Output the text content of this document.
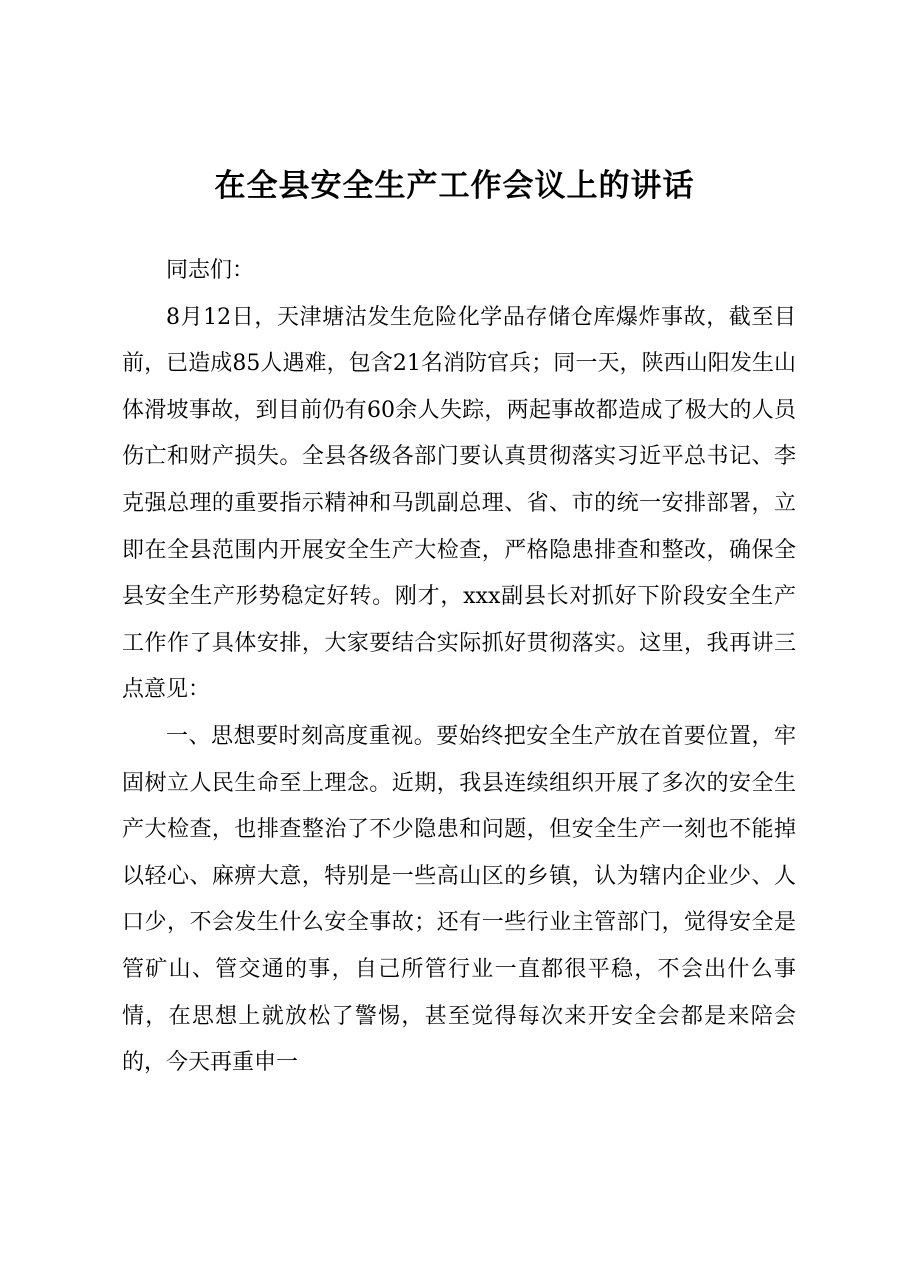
在全县安全生产工作会议上的讲话

同志们：

8月12日，天津塘沽发生危险化学品存储仓库爆炸事故，截至目前，已造成85人遇难，包含21名消防官兵；同一天，陕西山阳发生山体滑坡事故，到目前仍有60余人失踪，两起事故都造成了极大的人员伤亡和财产损失。全县各级各部门要认真贯彻落实习近平总书记、李克强总理的重要指示精神和马凯副总理、省、市的统一安排部署，立即在全县范围内开展安全生产大检查，严格隐患排查和整改，确保全县安全生产形势稳定好转。刚才，xxx副县长对抓好下阶段安全生产工作作了具体安排，大家要结合实际抓好贯彻落实。这里，我再讲三点意见：

一、思想要时刻高度重视。要始终把安全生产放在首要位置，牢固树立人民生命至上理念。近期，我县连续组织开展了多次的安全生产大检查，也排查整治了不少隐患和问题，但安全生产一刻也不能掉以轻心、麻痹大意，特别是一些高山区的乡镇，认为辖内企业少、人口少，不会发生什么安全事故；还有一些行业主管部门，觉得安全是管矿山、管交通的事，自己所管行业一直都很平稳，不会出什么事情，在思想上就放松了警惕，甚至觉得每次来开安全会都是来陪会的，今天再重申一
